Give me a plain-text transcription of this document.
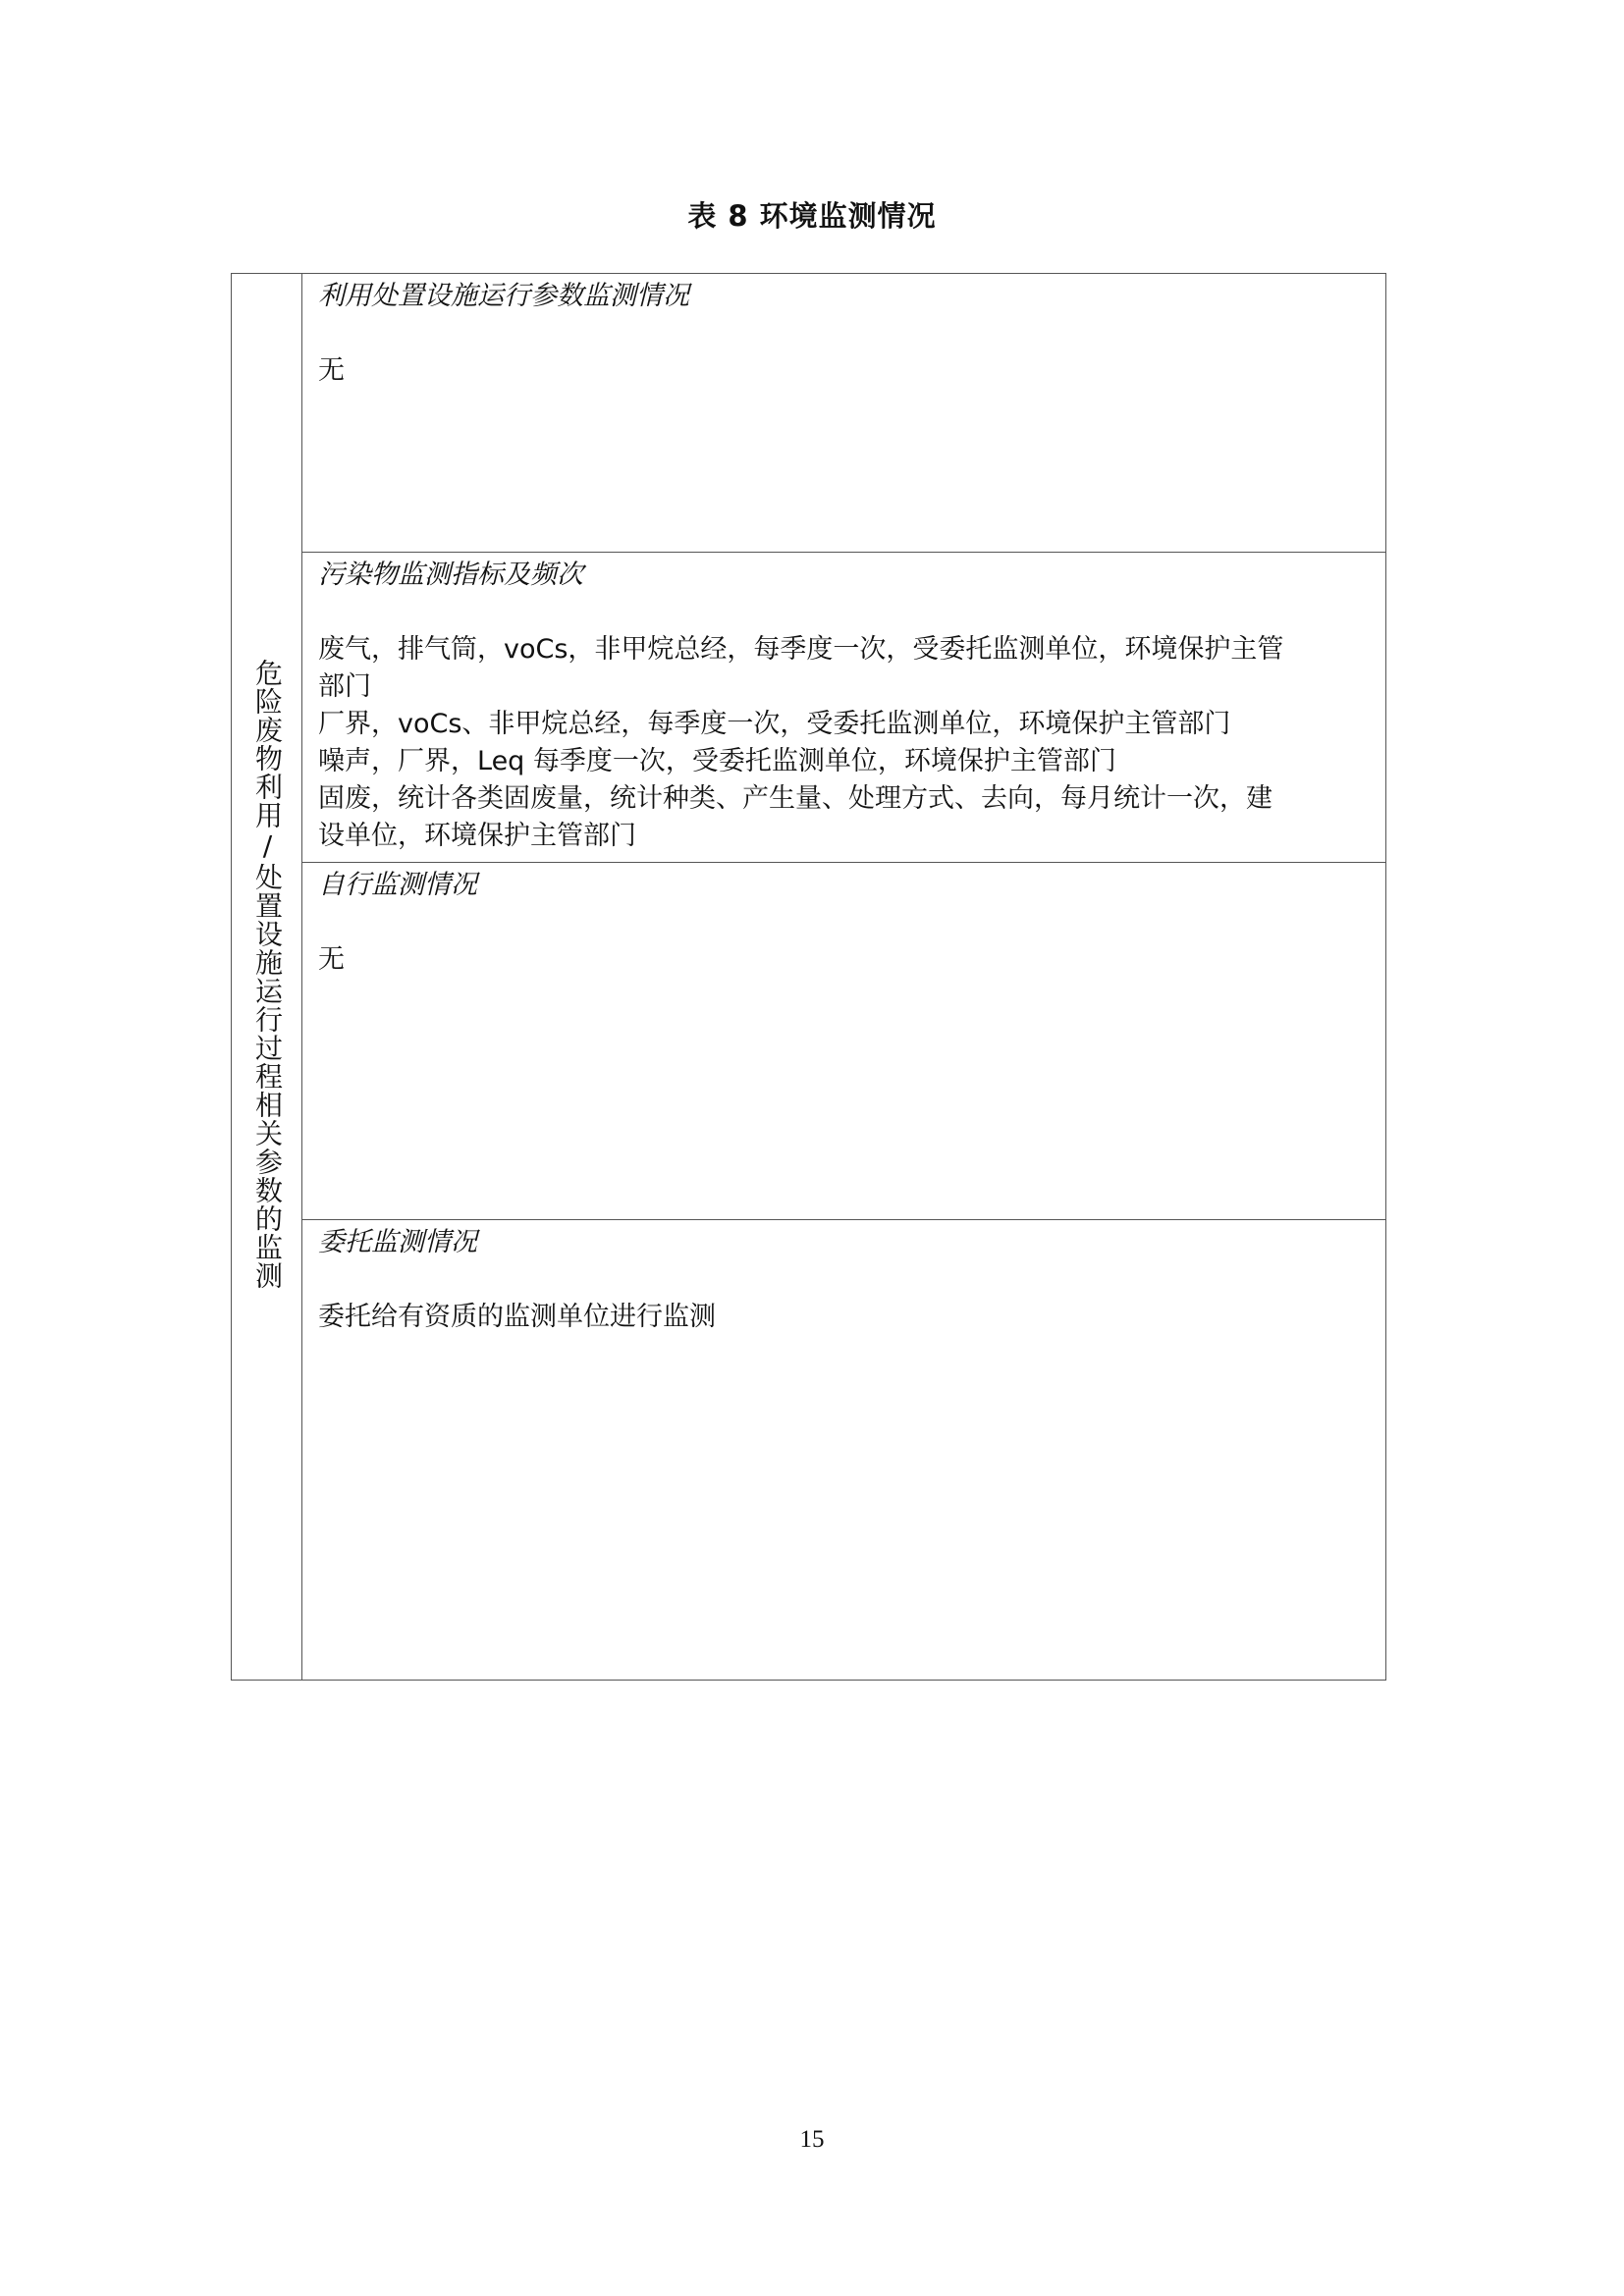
表 8 环境监测情况
危险废物利用/处置设施运行过程相关参数的监测
利用处置设施运行参数监测情况
无
污染物监测指标及频次
废气，排气筒，voCs，非甲烷总经，每季度一次，受委托监测单位，环境保护主管
部门
厂界，voCs、非甲烷总经，每季度一次，受委托监测单位，环境保护主管部门
噪声，厂界，Leq 每季度一次，受委托监测单位，环境保护主管部门
固废，统计各类固废量，统计种类、产生量、处理方式、去向，每月统计一次，建
设单位，环境保护主管部门
自行监测情况
无
委托监测情况
委托给有资质的监测单位进行监测
15
